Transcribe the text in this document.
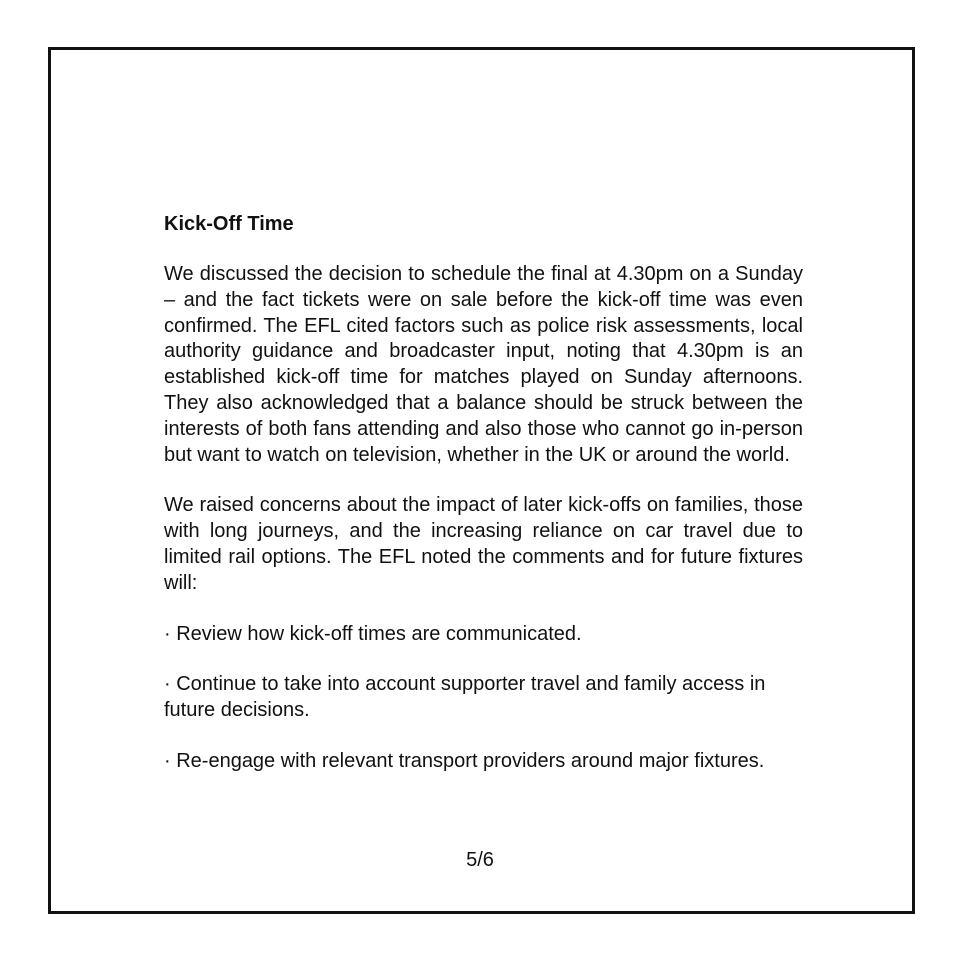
Kick-Off Time

We discussed the decision to schedule the final at 4.30pm on a Sunday – and the fact tickets were on sale before the kick-off time was even confirmed. The EFL cited factors such as police risk assessments, local authority guidance and broadcaster input, noting that 4.30pm is an established kick-off time for matches played on Sunday afternoons. They also acknowledged that a balance should be struck between the interests of both fans attending and also those who cannot go in-person but want to watch on television, whether in the UK or around the world.

We raised concerns about the impact of later kick-offs on families, those with long journeys, and the increasing reliance on car travel due to limited rail options. The EFL noted the comments and for future fixtures will:

· Review how kick-off times are communicated.

· Continue to take into account supporter travel and family access in future decisions.

· Re-engage with relevant transport providers around major fixtures.

5/6
